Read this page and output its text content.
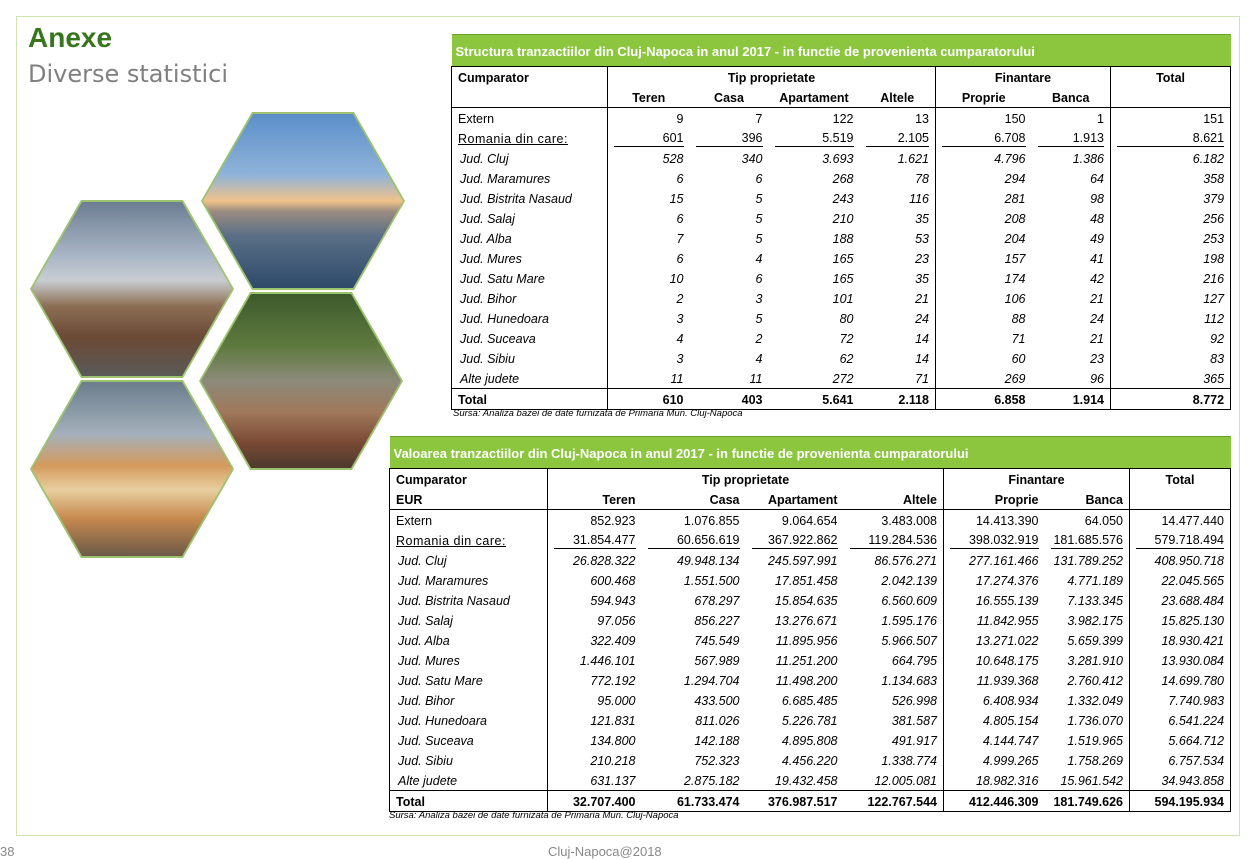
Anexe
Diverse statistici
Structura tranzactiilor din Cluj-Napoca in anul 2017 - in functie de provenienta cumparatorului							
Cumparator	Tip proprietate				Finantare		Total
	Teren	Casa	Apartament	Altele	Proprie	Banca	
Extern	9	7	122	13	150	1	151
Romania din care:	601	396	5.519	2.105	6.708	1.913	8.621
Jud. Cluj	528	340	3.693	1.621	4.796	1.386	6.182
Jud. Maramures	6	6	268	78	294	64	358
Jud. Bistrita Nasaud	15	5	243	116	281	98	379
Jud. Salaj	6	5	210	35	208	48	256
Jud. Alba	7	5	188	53	204	49	253
Jud. Mures	6	4	165	23	157	41	198
Jud. Satu Mare	10	6	165	35	174	42	216
Jud. Bihor	2	3	101	21	106	21	127
Jud. Hunedoara	3	5	80	24	88	24	112
Jud. Suceava	4	2	72	14	71	21	92
Jud. Sibiu	3	4	62	14	60	23	83
Alte judete	11	11	272	71	269	96	365
Total	610	403	5.641	2.118	6.858	1.914	8.772
Sursa: Analiza bazei de date furnizata de Primaria Mun. Cluj-Napoca
Valoarea tranzactiilor din Cluj-Napoca in anul 2017 - in functie de provenienta cumparatorului							
Cumparator	Tip proprietate				Finantare		Total
EUR	Teren	Casa	Apartament	Altele	Proprie	Banca	
Extern	852.923	1.076.855	9.064.654	3.483.008	14.413.390	64.050	14.477.440
Romania din care:	31.854.477	60.656.619	367.922.862	119.284.536	398.032.919	181.685.576	579.718.494
Jud. Cluj	26.828.322	49.948.134	245.597.991	86.576.271	277.161.466	131.789.252	408.950.718
Jud. Maramures	600.468	1.551.500	17.851.458	2.042.139	17.274.376	4.771.189	22.045.565
Jud. Bistrita Nasaud	594.943	678.297	15.854.635	6.560.609	16.555.139	7.133.345	23.688.484
Jud. Salaj	97.056	856.227	13.276.671	1.595.176	11.842.955	3.982.175	15.825.130
Jud. Alba	322.409	745.549	11.895.956	5.966.507	13.271.022	5.659.399	18.930.421
Jud. Mures	1.446.101	567.989	11.251.200	664.795	10.648.175	3.281.910	13.930.084
Jud. Satu Mare	772.192	1.294.704	11.498.200	1.134.683	11.939.368	2.760.412	14.699.780
Jud. Bihor	95.000	433.500	6.685.485	526.998	6.408.934	1.332.049	7.740.983
Jud. Hunedoara	121.831	811.026	5.226.781	381.587	4.805.154	1.736.070	6.541.224
Jud. Suceava	134.800	142.188	4.895.808	491.917	4.144.747	1.519.965	5.664.712
Jud. Sibiu	210.218	752.323	4.456.220	1.338.774	4.999.265	1.758.269	6.757.534
Alte judete	631.137	2.875.182	19.432.458	12.005.081	18.982.316	15.961.542	34.943.858
Total	32.707.400	61.733.474	376.987.517	122.767.544	412.446.309	181.749.626	594.195.934
Sursa: Analiza bazei de date furnizata de Primaria Mun. Cluj-Napoca
38	Cluj-Napoca@2018
